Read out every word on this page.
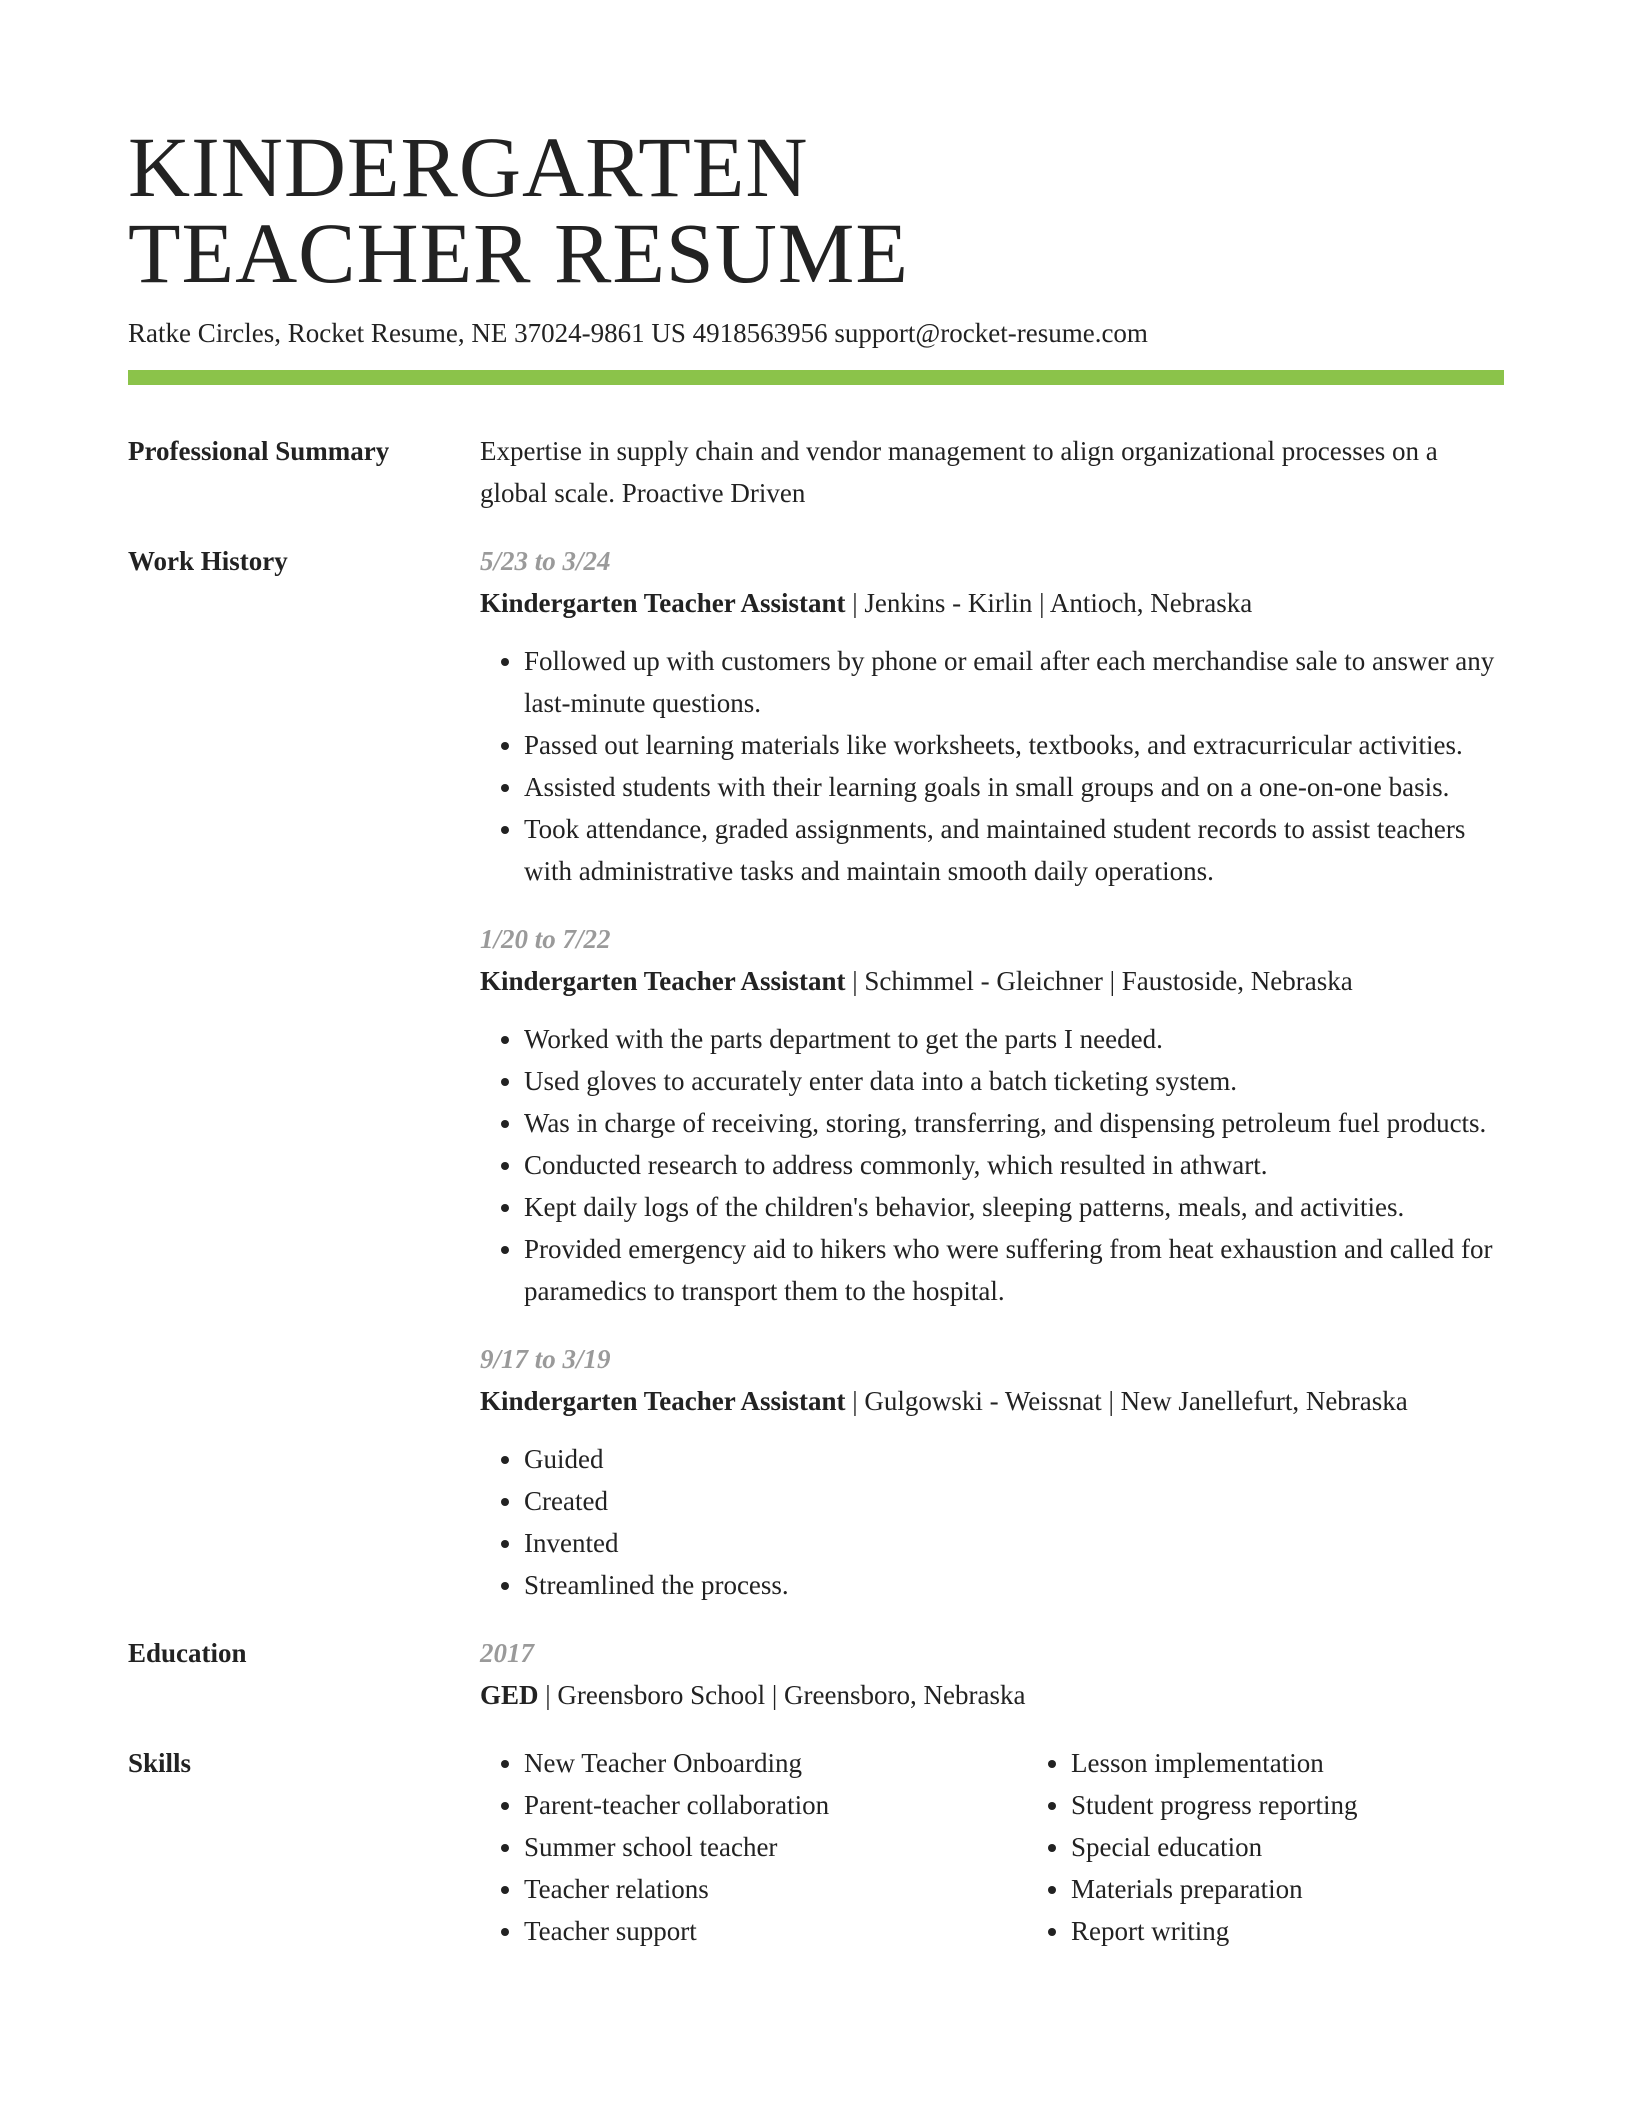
KINDERGARTEN
TEACHER RESUME
Ratke Circles, Rocket Resume, NE 37024-9861 US 4918563956 support@rocket-resume.com
Professional Summary	Expertise in supply chain and vendor management to align organizational processes on a global scale. Proactive Driven
Work History	5/23 to 3/24
Kindergarten Teacher Assistant | Jenkins - Kirlin | Antioch, Nebraska
• Followed up with customers by phone or email after each merchandise sale to answer any last-minute questions.
• Passed out learning materials like worksheets, textbooks, and extracurricular activities.
• Assisted students with their learning goals in small groups and on a one-on-one basis.
• Took attendance, graded assignments, and maintained student records to assist teachers with administrative tasks and maintain smooth daily operations.
1/20 to 7/22
Kindergarten Teacher Assistant | Schimmel - Gleichner | Faustoside, Nebraska
• Worked with the parts department to get the parts I needed.
• Used gloves to accurately enter data into a batch ticketing system.
• Was in charge of receiving, storing, transferring, and dispensing petroleum fuel products.
• Conducted research to address commonly, which resulted in athwart.
• Kept daily logs of the children's behavior, sleeping patterns, meals, and activities.
• Provided emergency aid to hikers who were suffering from heat exhaustion and called for paramedics to transport them to the hospital.
9/17 to 3/19
Kindergarten Teacher Assistant | Gulgowski - Weissnat | New Janellefurt, Nebraska
• Guided
• Created
• Invented
• Streamlined the process.
Education	2017
GED | Greensboro School | Greensboro, Nebraska
Skills
•	New Teacher Onboarding
• Parent-teacher collaboration
• Summer school teacher
• Teacher relations
• Teacher support
• Lesson implementation
• Student progress reporting
• Special education
• Materials preparation
• Report writing
